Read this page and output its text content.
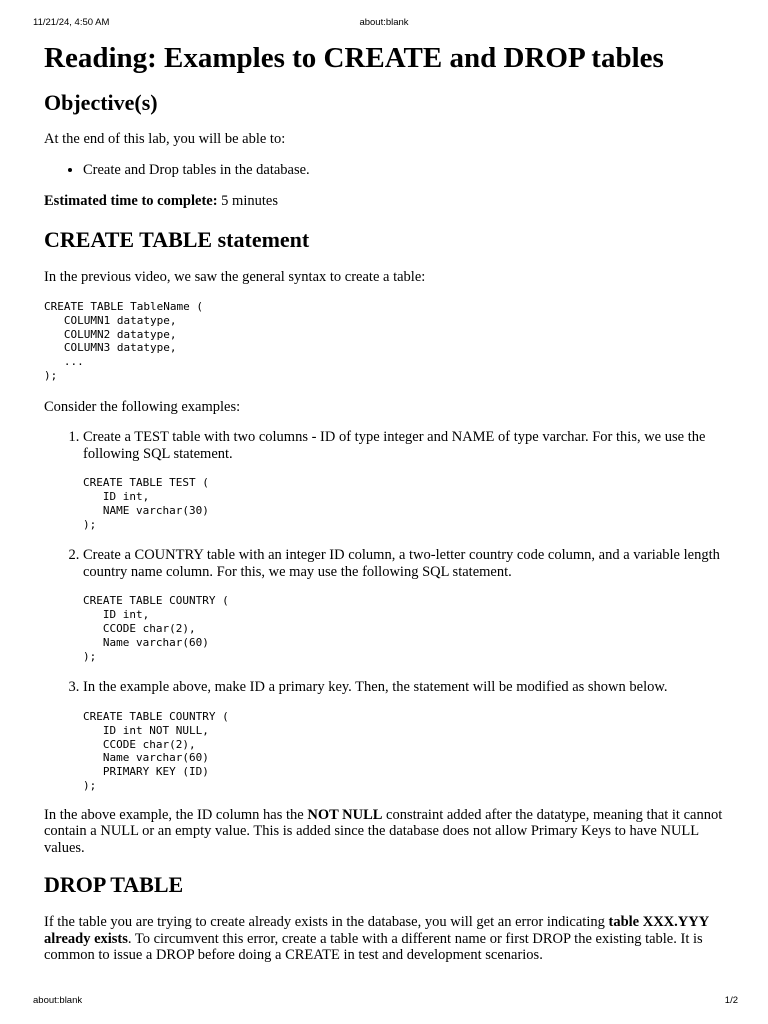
11/21/24, 4:50 AM	about:blank
Reading: Examples to CREATE and DROP tables
Objective(s)

At the end of this lab, you will be able to:

• Create and Drop tables in the database.

Estimated time to complete: 5 minutes

CREATE TABLE statement

In the previous video, we saw the general syntax to create a table:

CREATE TABLE TableName (
COLUMN1 datatype,
COLUMN2 datatype,
COLUMN3 datatype,
...
);

Consider the following examples:

1. Create a TEST table with two columns - ID of type integer and NAME of type varchar. For this, we use the following SQL statement.
CREATE TABLE TEST (
ID int,
NAME varchar(30)
);
2. Create a COUNTRY table with an integer ID column, a two-letter country code column, and a variable length country name column. For this, we may use the following SQL statement.
CREATE TABLE COUNTRY (
ID int,
CCODE char(2),
Name varchar(60)
);
3. In the example above, make ID a primary key. Then, the statement will be modified as shown below.
CREATE TABLE COUNTRY (
ID int NOT NULL,
CCODE char(2),
Name varchar(60)
PRIMARY KEY (ID)
);

In the above example, the ID column has the NOT NULL constraint added after the datatype, meaning that it cannot contain a NULL or an empty value. This is added since the database does not allow Primary Keys to have NULL values.

DROP TABLE

If the table you are trying to create already exists in the database, you will get an error indicating table XXX.YYY already exists. To circumvent this error, create a table with a different name or first DROP the existing table. It is common to issue a DROP before doing a CREATE in test and development scenarios.

about:blank	1/2
